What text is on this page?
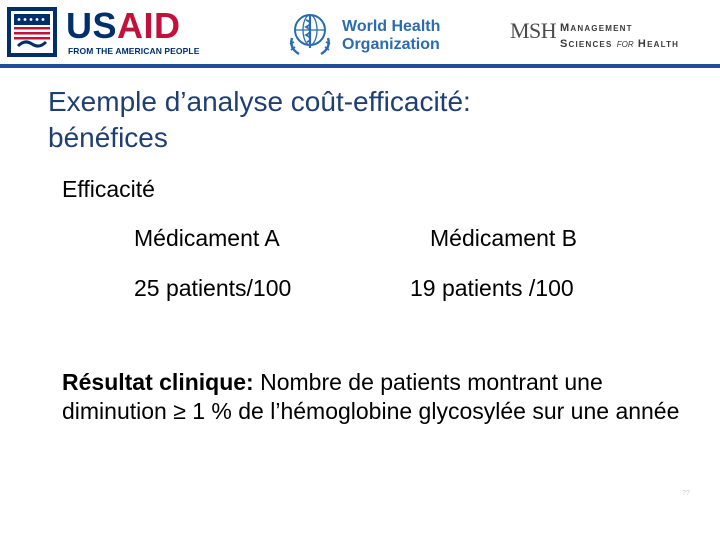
USAID
FROM THE AMERICAN PEOPLE
World Health
Organization
MSH Management
Sciences for Health
Exemple d’analyse coût-efficacité:
bénéfices
Efficacité
Médicament A	Médicament B
25 patients/100	19 patients /100

Résultat clinique: Nombre de patients montrant une diminution ≥ 1 % de l’hémoglobine glycosylée sur une année

??
